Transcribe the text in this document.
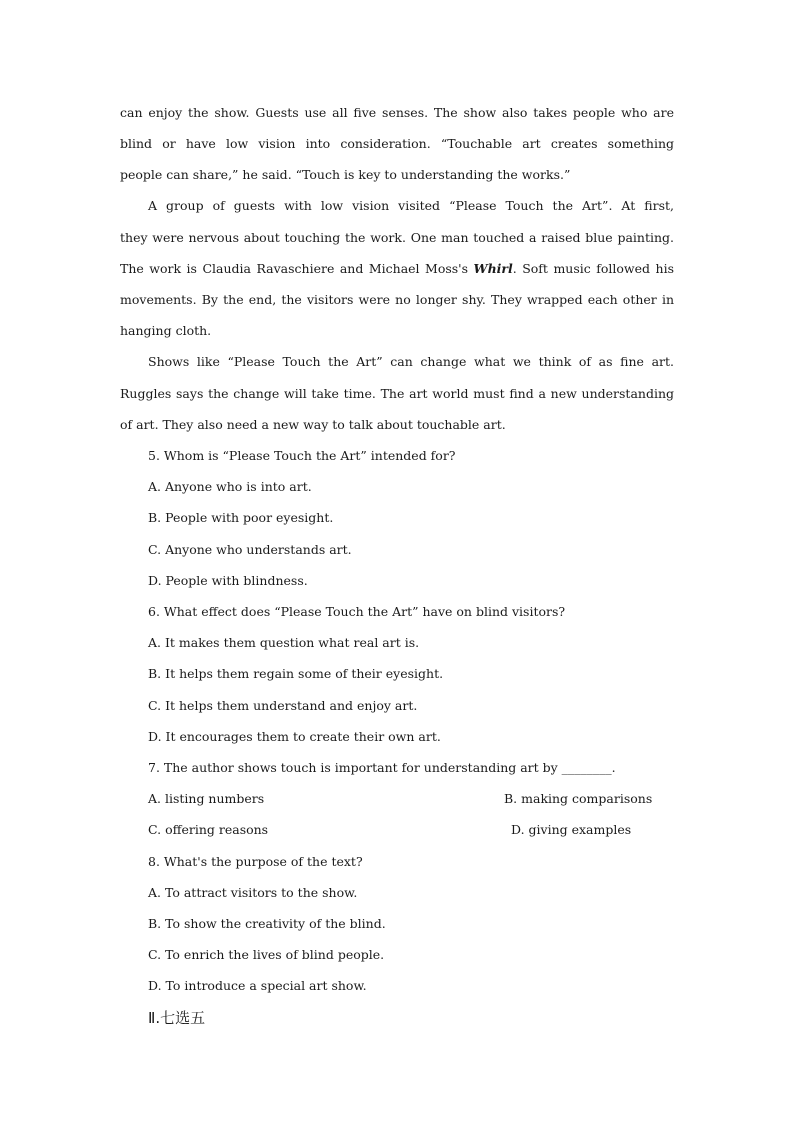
can enjoy the show. Guests use all five senses. The show also takes people who are
blind or have low vision into consideration. “Touchable art creates something
people can share,” he said. “Touch is key to understanding the works.”
A group of guests with low vision visited “Please Touch the Art”. At first,
they were nervous about touching the work. One man touched a raised blue painting.
The work is Claudia Ravaschiere and Michael Moss's Whirl. Soft music followed his
movements. By the end, the visitors were no longer shy. They wrapped each other in
hanging cloth.
Shows like “Please Touch the Art” can change what we think of as fine art.
Ruggles says the change will take time. The art world must find a new understanding
of art. They also need a new way to talk about touchable art.
5. Whom is “Please Touch the Art” intended for?
A. Anyone who is into art.
B. People with poor eyesight.
C. Anyone who understands art.
D. People with blindness.
6. What effect does “Please Touch the Art” have on blind visitors?
A. It makes them question what real art is.
B. It helps them regain some of their eyesight.
C. It helps them understand and enjoy art.
D. It encourages them to create their own art.
7. The author shows touch is important for understanding art by ________.
A. listing numbers	B. making comparisons
C. offering reasons	D. giving examples
8. What's the purpose of the text?
A. To attract visitors to the show.
B. To show the creativity of the blind.
C. To enrich the lives of blind people.
D. To introduce a special art show.
Ⅱ.七选五
